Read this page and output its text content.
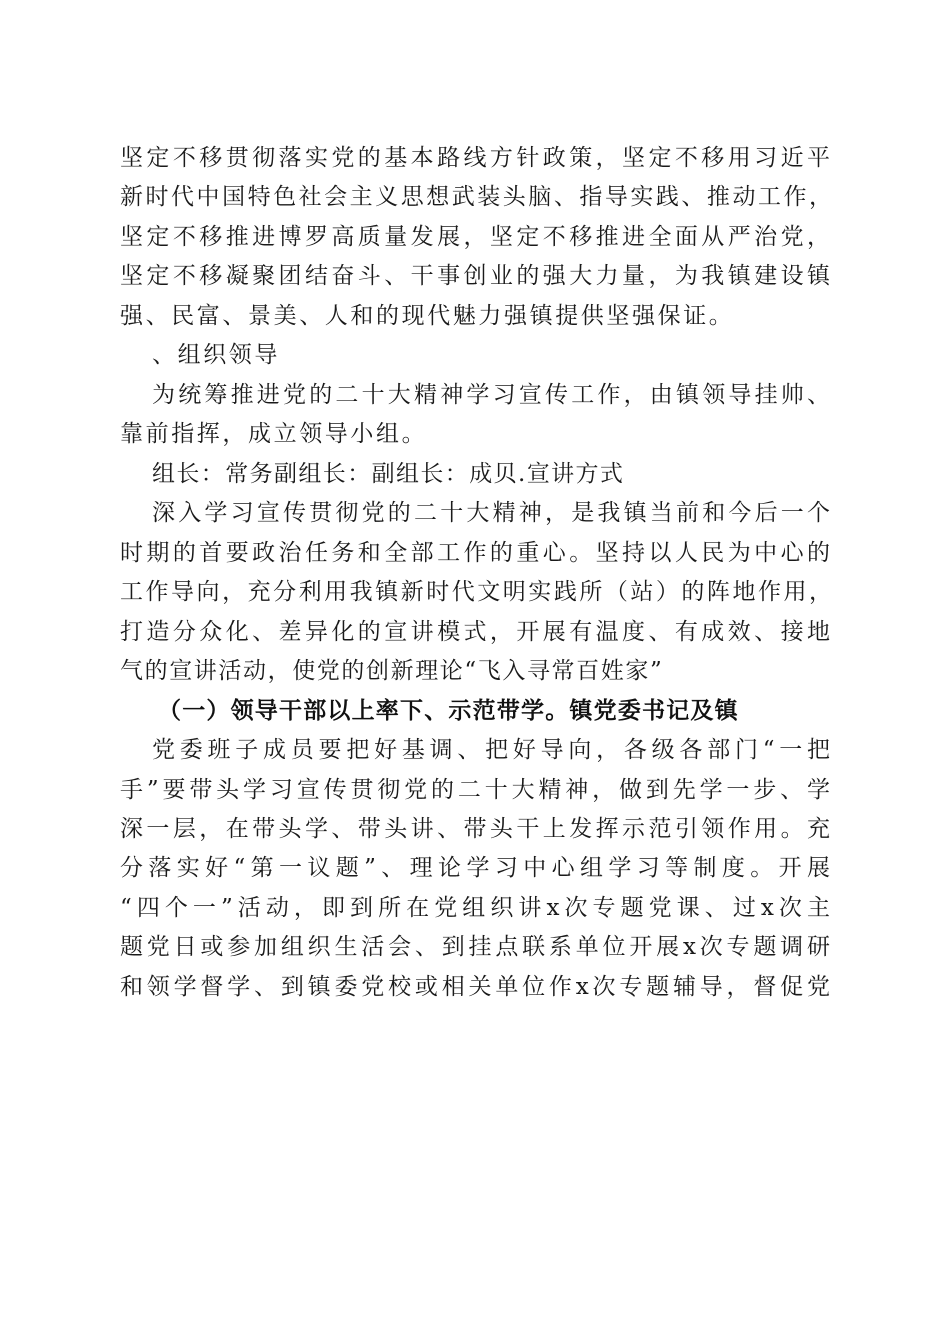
坚定不移贯彻落实党的基本路线方针政策，坚定不移用习近平
新时代中国特色社会主义思想武装头脑、指导实践、推动工作，
坚定不移推进博罗高质量发展，坚定不移推进全面从严治党，
坚定不移凝聚团结奋斗、干事创业的强大力量，为我镇建设镇
强、民富、景美、人和的现代魅力强镇提供坚强保证。
、组织领导
为统筹推进党的二十大精神学习宣传工作，由镇领导挂帅、
靠前指挥，成立领导小组。
组长：常务副组长：副组长：成贝.宣讲方式
深入学习宣传贯彻党的二十大精神，是我镇当前和今后一个
时期的首要政治任务和全部工作的重心。坚持以人民为中心的
工作导向，充分利用我镇新时代文明实践所（站）的阵地作用，
打造分众化、差异化的宣讲模式，开展有温度、有成效、接地
气的宣讲活动，使党的创新理论“飞入寻常百姓家”
（一）领导干部以上率下、示范带学。镇党委书记及镇
党委班子成员要把好基调、把好导向，各级各部门“一把
手”要带头学习宣传贯彻党的二十大精神，做到先学一步、学
深一层，在带头学、带头讲、带头干上发挥示范引领作用。充
分落实好“第一议题”、理论学习中心组学习等制度。开展
“四个一”活动，即到所在党组织讲x次专题党课、过x次主
题党日或参加组织生活会、到挂点联系单位开展x次专题调研
和领学督学、到镇委党校或相关单位作x次专题辅导，督促党
